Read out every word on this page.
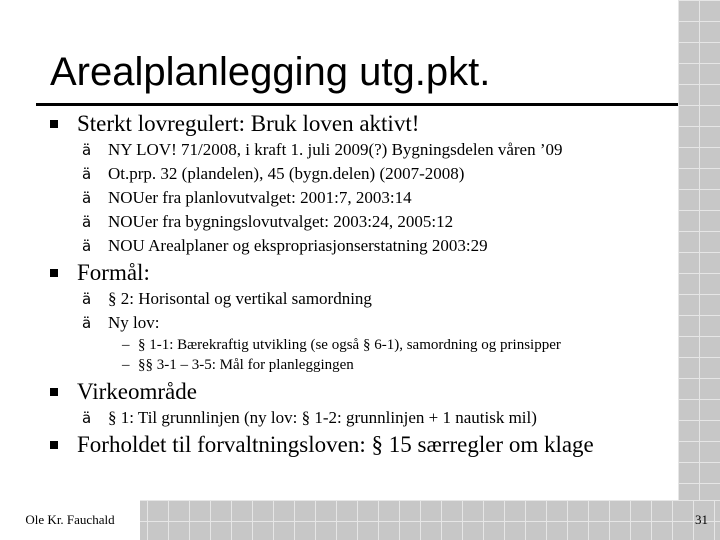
Ole Kr. Fauchald	31
Arealplanlegging utg.pkt.
Sterkt lovregulert: Bruk loven aktivt!
ä NY LOV! 71/2008, i kraft 1. juli 2009(?) Bygningsdelen våren ’09
ä Ot.prp. 32 (plandelen), 45 (bygn.delen) (2007-2008)
ä NOUer fra planlovutvalget: 2001:7, 2003:14
ä NOUer fra bygningslovutvalget: 2003:24, 2005:12
ä NOU Arealplaner og ekspropriasjonserstatning 2003:29
Formål:
ä § 2: Horisontal og vertikal samordning
ä Ny lov:
– § 1-1: Bærekraftig utvikling (se også § 6-1), samordning og prinsipper
– §§ 3-1 – 3-5: Mål for planleggingen
Virkeområde
ä § 1: Til grunnlinjen (ny lov: § 1-2: grunnlinjen + 1 nautisk mil)
Forholdet til forvaltningsloven: § 15 særregler om klage
